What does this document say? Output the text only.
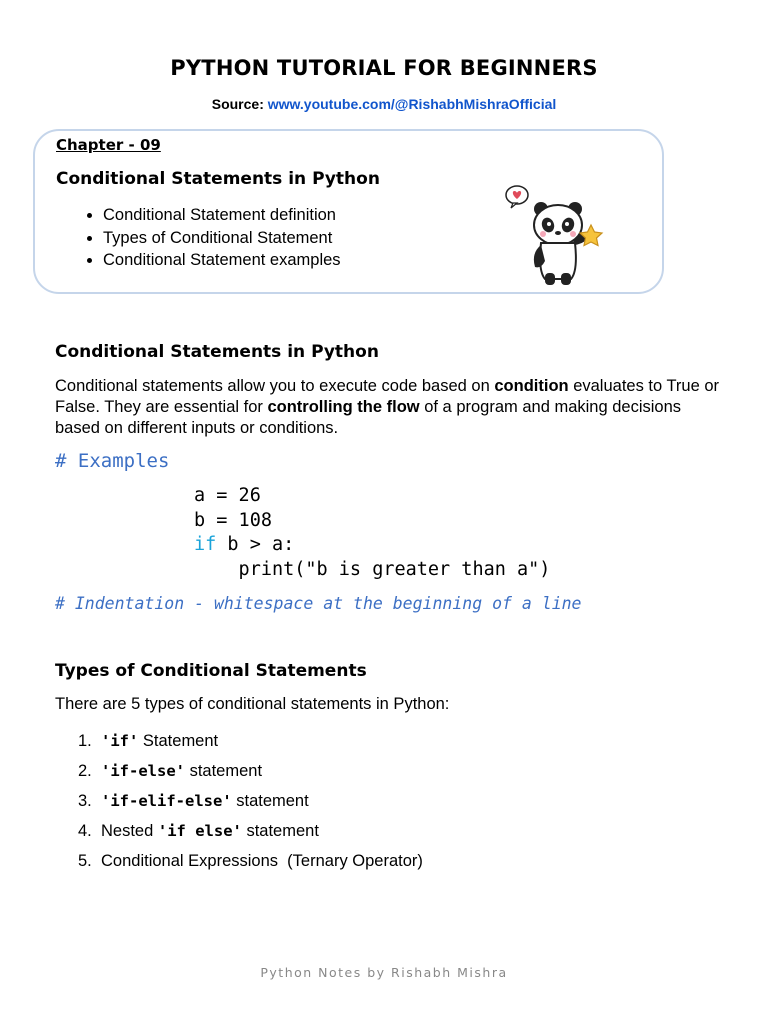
PYTHON TUTORIAL FOR BEGINNERS
Source: www.youtube.com/@RishabhMishraOfficial
Chapter - 09
Conditional Statements in Python
• Conditional Statement definition
• Types of Conditional Statement
• Conditional Statement examples
Conditional Statements in Python
Conditional statements allow you to execute code based on condition evaluates to True or False. They are essential for controlling the flow of a program and making decisions based on different inputs or conditions.
# Examples
a = 26
b = 108
if b > a:
print("b is greater than a")
# Indentation - whitespace at the beginning of a line
Types of Conditional Statements
There are 5 types of conditional statements in Python:
1. 'if' Statement
2. 'if-else' statement
3. 'if-elif-else' statement
4. Nested 'if else' statement
5. Conditional Expressions  (Ternary Operator)
Python Notes by Rishabh Mishra
